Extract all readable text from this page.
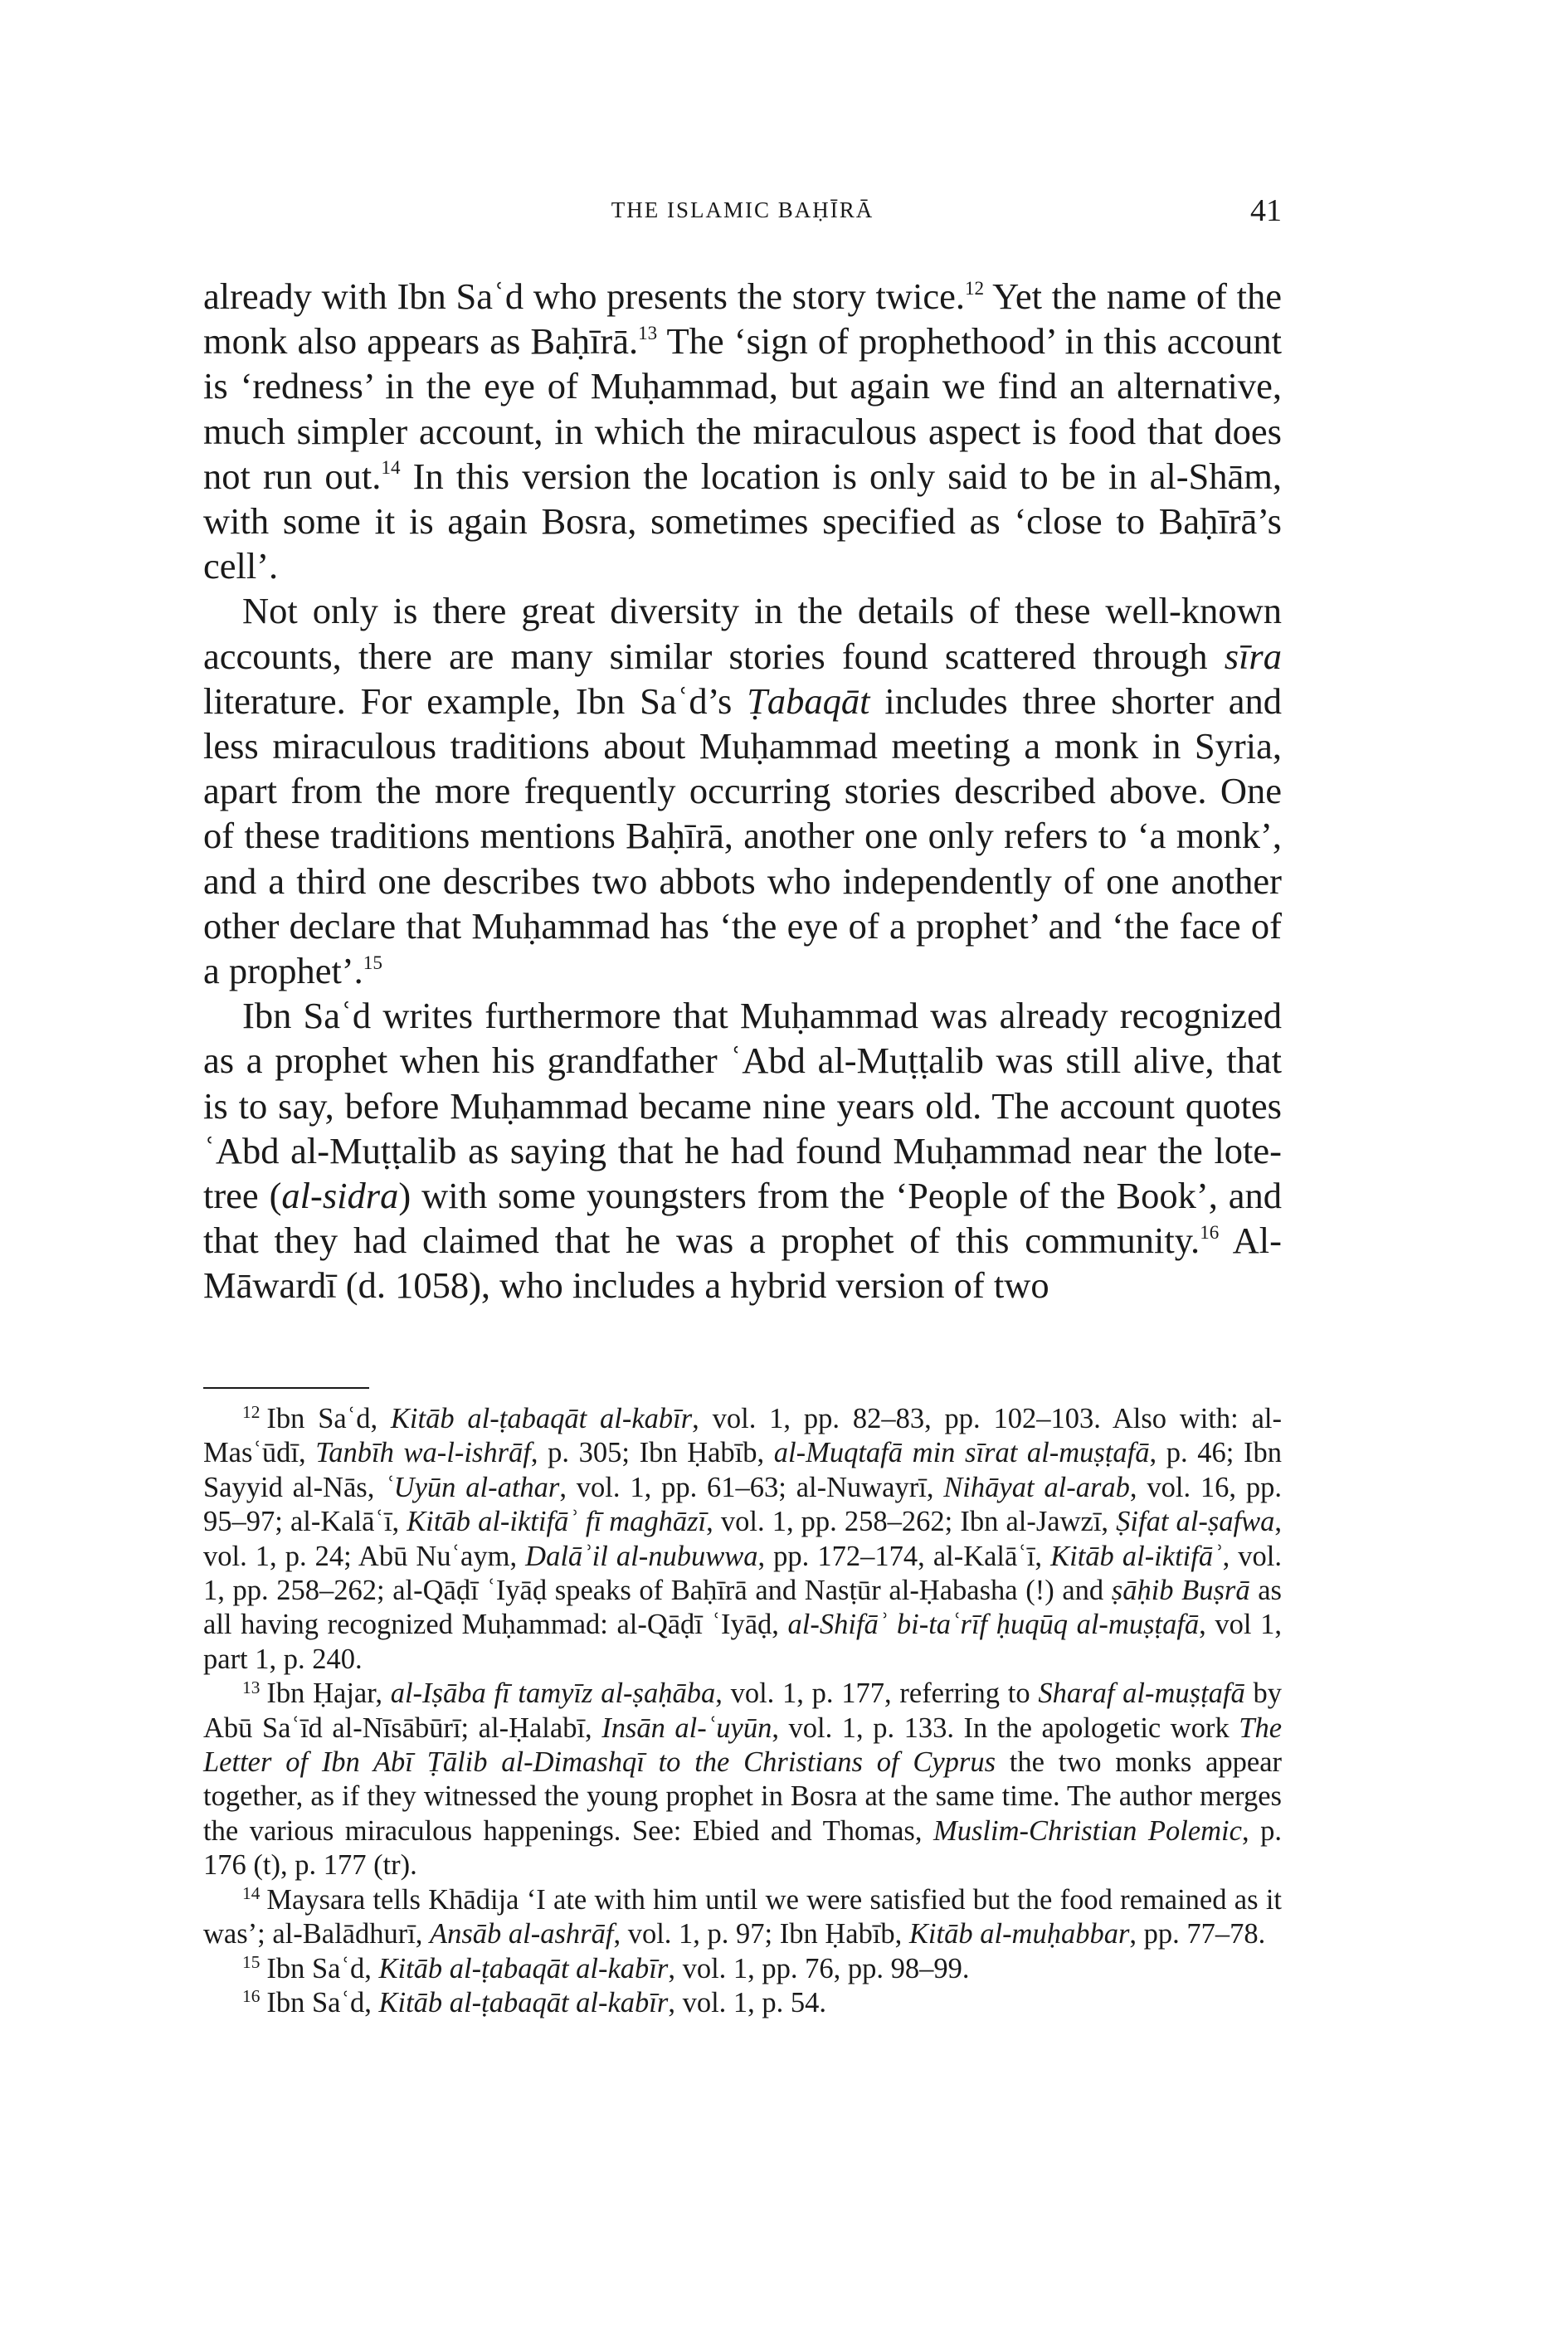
THE ISLAMIC BAḤĪRĀ	41

already with Ibn Saʿd who presents the story twice.$^{12}$ Yet the name of the monk also appears as Baḥīrā.$^{13}$ The ‘sign of prophethood’ in this account is ‘redness’ in the eye of Muḥammad, but again we find an alternative, much simpler account, in which the miraculous aspect is food that does not run out.$^{14}$ In this version the location is only said to be in al-Shām, with some it is again Bosra, sometimes specified as ‘close to Baḥīrā’s cell’.

Not only is there great diversity in the details of these well-known accounts, there are many similar stories found scattered through sīra literature. For example, Ibn Saʿd’s Ṭabaqāt includes three shorter and less miraculous traditions about Muḥammad meeting a monk in Syria, apart from the more frequently occurring stories described above. One of these traditions mentions Baḥīrā, another one only refers to ‘a monk’, and a third one describes two abbots who independently of one another other declare that Muḥammad has ‘the eye of a prophet’ and ‘the face of a prophet’.$^{15}$

Ibn Saʿd writes furthermore that Muḥammad was already recognized as a prophet when his grandfather ʿAbd al-Muṭṭalib was still alive, that is to say, before Muḥammad became nine years old. The account quotes ʿAbd al-Muṭṭalib as saying that he had found Muḥammad near the lote-tree (al-sidra) with some youngsters from the ‘People of the Book’, and that they had claimed that he was a prophet of this community.$^{16}$ Al-Māwardī (d. 1058), who includes a hybrid version of two

$^{12}$ Ibn Saʿd, Kitāb al-ṭabaqāt al-kabīr, vol. 1, pp. 82–83, pp. 102–103. Also with: al-Masʿūdī, Tanbīh wa-l-ishrāf, p. 305; Ibn Ḥabīb, al-Muqtafā min sīrat al-muṣṭafā, p. 46; Ibn Sayyid al-Nās, ʿUyūn al-athar, vol. 1, pp. 61–63; al-Nuwayrī, Nihāyat al-arab, vol. 16, pp. 95–97; al-Kalāʿī, Kitāb al-iktifāʾ fī maghāzī, vol. 1, pp. 258–262; Ibn al-Jawzī, Ṣifat al-ṣafwa, vol. 1, p. 24; Abū Nuʿaym, Dalāʾil al-nubuwwa, pp. 172–174, al-Kalāʿī, Kitāb al-iktifāʾ, vol. 1, pp. 258–262; al-Qāḍī ʿIyāḍ speaks of Baḥīrā and Nasṭūr al-Ḥabasha (!) and ṣāḥib Buṣrā as all having recognized Muḥammad: al-Qāḍī ʿIyāḍ, al-Shifāʾ bi-taʿrīf ḥuqūq al-muṣṭafā, vol 1, part 1, p. 240.

$^{13}$ Ibn Ḥajar, al-Iṣāba fī tamyīz al-ṣaḥāba, vol. 1, p. 177, referring to Sharaf al-muṣṭafā by Abū Saʿīd al-Nīsābūrī; al-Ḥalabī, Insān al-ʿuyūn, vol. 1, p. 133. In the apologetic work The Letter of Ibn Abī Ṭālib al-Dimashqī to the Christians of Cyprus the two monks appear together, as if they witnessed the young prophet in Bosra at the same time. The author merges the various miraculous happenings. See: Ebied and Thomas, Muslim-Christian Polemic, p. 176 (t), p. 177 (tr).

$^{14}$ Maysara tells Khādija ‘I ate with him until we were satisfied but the food remained as it was’; al-Balādhurī, Ansāb al-ashrāf, vol. 1, p. 97; Ibn Ḥabīb, Kitāb al-muḥabbar, pp. 77–78.

$^{15}$ Ibn Saʿd, Kitāb al-ṭabaqāt al-kabīr, vol. 1, pp. 76, pp. 98–99.

$^{16}$ Ibn Saʿd, Kitāb al-ṭabaqāt al-kabīr, vol. 1, p. 54.
